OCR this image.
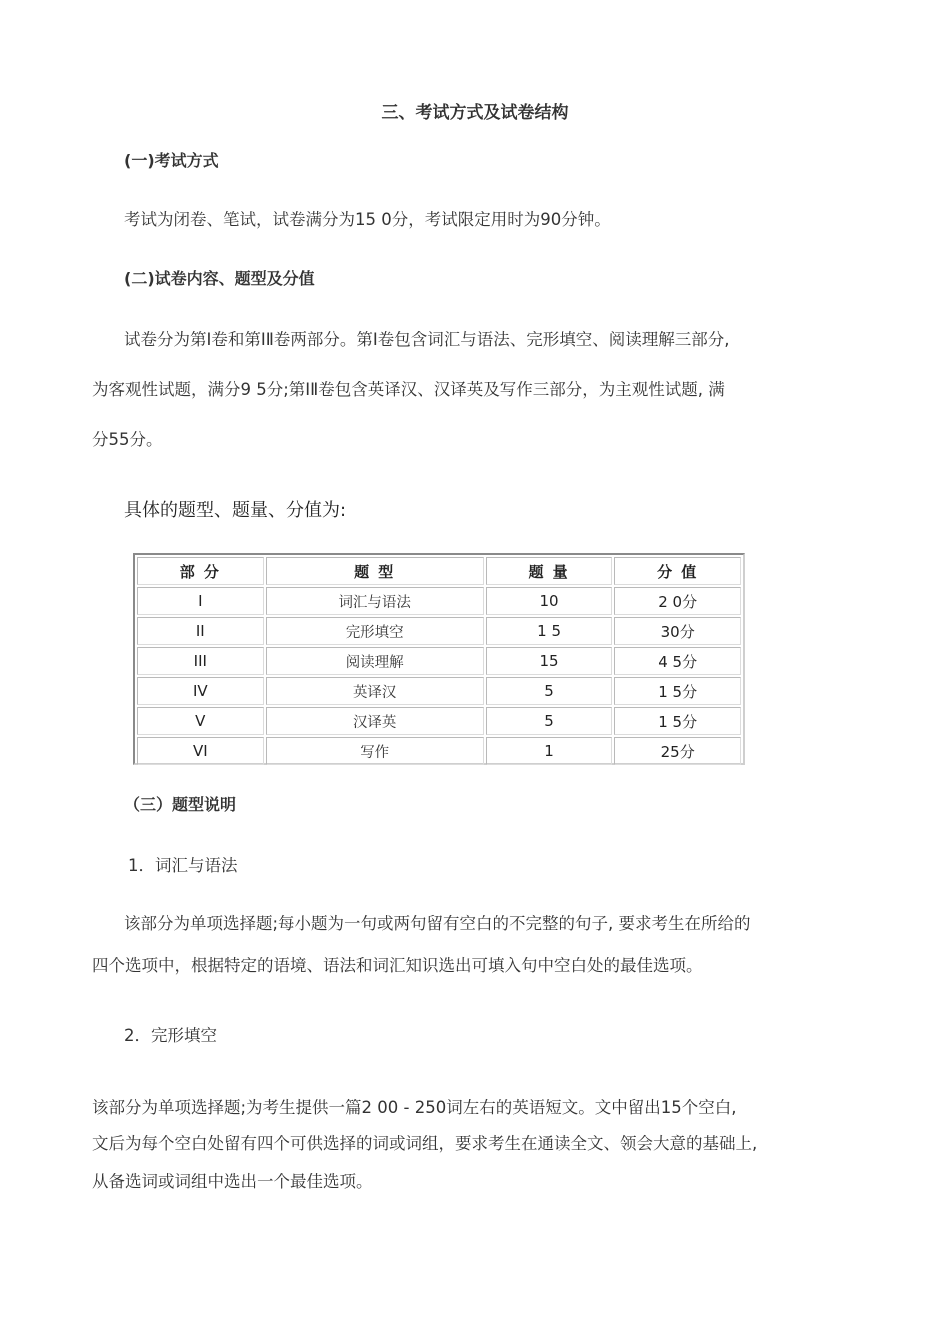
三、考试方式及试卷结构
(一)考试方式
考试为闭卷、笔试，试卷满分为15 0分，考试限定用时为90分钟。
(二)试卷内容、题型及分值
试卷分为第Ⅰ卷和第ⅠⅡ卷两部分。第Ⅰ卷包含词汇与语法、完形填空、阅读理解三部分,
为客观性试题，满分9 5分;第ⅠⅡ卷包含英译汉、汉译英及写作三部分，为主观性试题, 满
分55分。
具体的题型、题量、分值为:
部 分	题 型	题 量	分 值
I	词汇与语法	10	2 0分
II	完形填空	1 5	30分
III	阅读理解	15	4 5分
IV	英译汉	5	1 5分
V	汉译英	5	1 5分
VI	写作	1	25分
（三）题型说明
1．词汇与语法
该部分为单项选择题;每小题为一句或两句留有空白的不完整的句子, 要求考生在所给的
四个选项中，根据特定的语境、语法和词汇知识选出可填入句中空白处的最佳选项。
2．完形填空
该部分为单项选择题;为考生提供一篇2 00 - 250词左右的英语短文。文中留出15个空白,
文后为每个空白处留有四个可供选择的词或词组，要求考生在通读全文、领会大意的基础上,
从备选词或词组中选出一个最佳选项。
